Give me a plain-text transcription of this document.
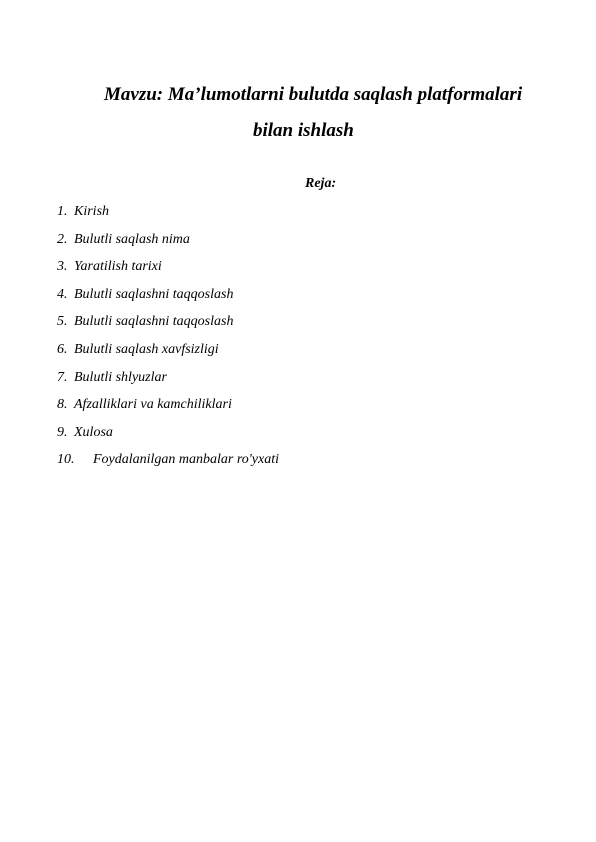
Mavzu: Ma’lumotlarni bulutda saqlash platformalari
bilan ishlash
Reja:
1. Kirish
2. Bulutli saqlash nima
3. Yaratilish tarixi
4. Bulutli saqlashni taqqoslash
5. Bulutli saqlashni taqqoslash
6. Bulutli saqlash xavfsizligi
7. Bulutli shlyuzlar
8. Afzalliklari va kamchiliklari
9. Xulosa
10. Foydalanilgan manbalar ro'yxati
